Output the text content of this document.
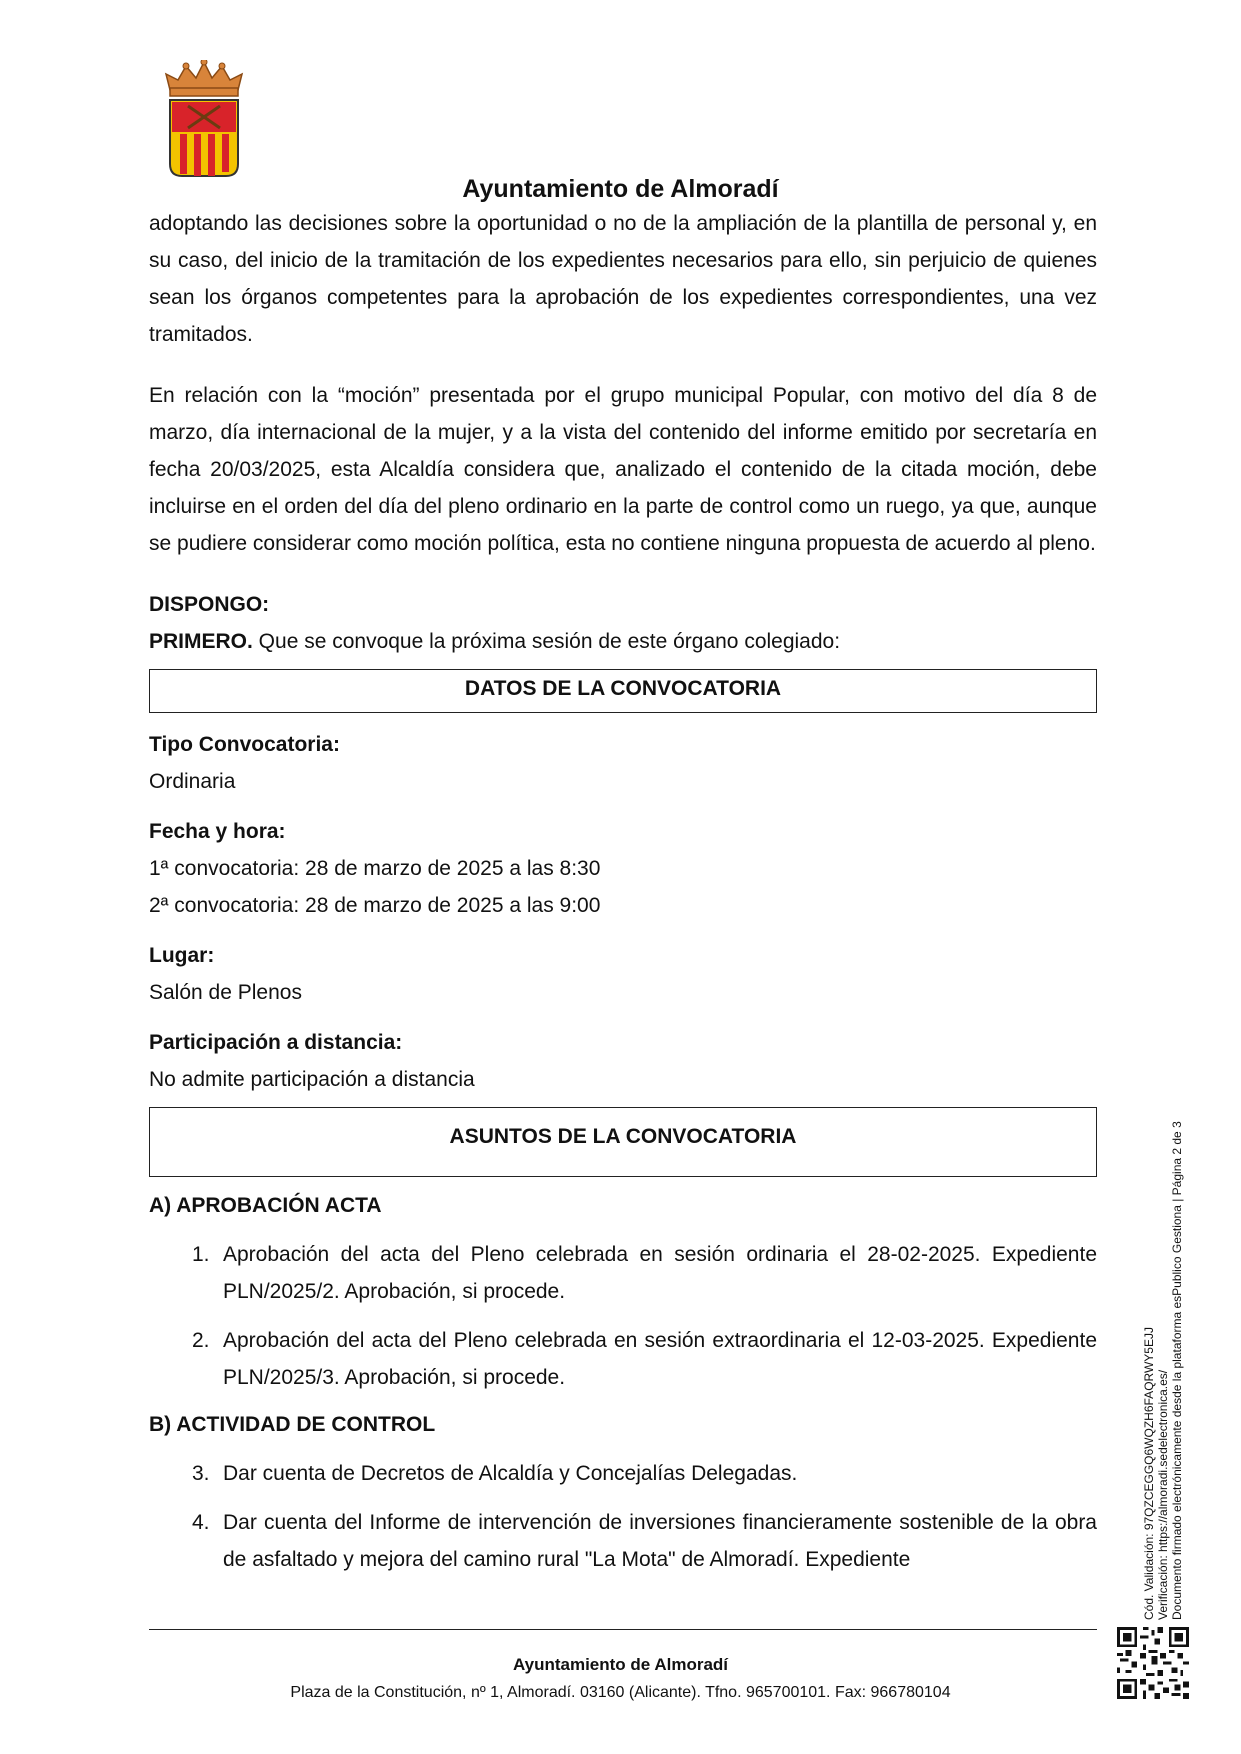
Ayuntamiento de Almoradí

adoptando las decisiones sobre la oportunidad o no de la ampliación de la plantilla de personal y, en su caso, del inicio de la tramitación de los expedientes necesarios para ello, sin perjuicio de quienes sean los órganos competentes para la aprobación de los expedientes correspondientes, una vez tramitados.

En relación con la “moción” presentada por el grupo municipal Popular, con motivo del día 8 de marzo, día internacional de la mujer, y a la vista del contenido del informe emitido por secretaría en fecha 20/03/2025, esta Alcaldía considera que, analizado el contenido de la citada moción, debe incluirse en el orden del día del pleno ordinario en la parte de control como un ruego, ya que, aunque se pudiere considerar como moción política, esta no contiene ninguna propuesta de acuerdo al pleno.

DISPONGO:

PRIMERO. Que se convoque la próxima sesión de este órgano colegiado:

DATOS DE LA CONVOCATORIA

Tipo Convocatoria:

Ordinaria

Fecha y hora:

1ª convocatoria: 28 de marzo de 2025 a las 8:30

2ª convocatoria: 28 de marzo de 2025 a las 9:00

Lugar:

Salón de Plenos

Participación a distancia:

No admite participación a distancia

ASUNTOS DE LA CONVOCATORIA

A) APROBACIÓN ACTA

1. Aprobación del acta del Pleno celebrada en sesión ordinaria el 28-02-2025. Expediente PLN/2025/2. Aprobación, si procede.
2. Aprobación del acta del Pleno celebrada en sesión extraordinaria el 12-03-2025. Expediente PLN/2025/3. Aprobación, si procede.

B) ACTIVIDAD DE CONTROL

3. Dar cuenta de Decretos de Alcaldía y Concejalías Delegadas.
4. Dar cuenta del Informe de intervención de inversiones financieramente sostenible de la obra de asfaltado y mejora del camino rural "La Mota" de Almoradí. Expediente
Ayuntamiento de Almoradí
Plaza de la Constitución, nº 1, Almoradí. 03160 (Alicante). Tfno. 965700101. Fax: 966780104
Cód. Validación: 97QZCEGGQ6WQZH6FAQRWY5EJJ Verificación: https://almoradi.sedelectronica.es/ Documento firmado electrónicamente desde la plataforma esPublico Gestiona | Página 2 de 3
